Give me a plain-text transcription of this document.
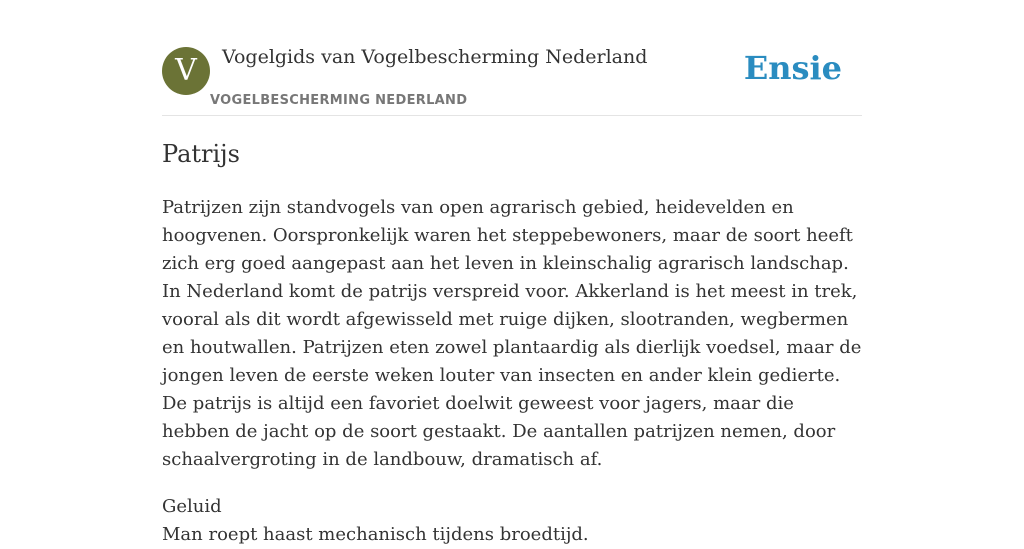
V	Vogelgids van Vogelbescherming Nederland
VOGELBESCHERMING NEDERLAND
Ensie
Patrijs

Patrijzen zijn standvogels van open agrarisch gebied, heidevelden en hoogvenen. Oorspronkelijk waren het steppebewoners, maar de soort heeft zich erg goed aangepast aan het leven in kleinschalig agrarisch landschap. In Nederland komt de patrijs verspreid voor. Akkerland is het meest in trek, vooral als dit wordt afgewisseld met ruige dijken, slootranden, wegbermen en houtwallen. Patrijzen eten zowel plantaardig als dierlijk voedsel, maar de jongen leven de eerste weken louter van insecten en ander klein gedierte. De patrijs is altijd een favoriet doelwit geweest voor jagers, maar die hebben de jacht op de soort gestaakt. De aantallen patrijzen nemen, door schaalvergroting in de landbouw, dramatisch af.

Geluid

Man roept haast mechanisch tijdens broedtijd.
